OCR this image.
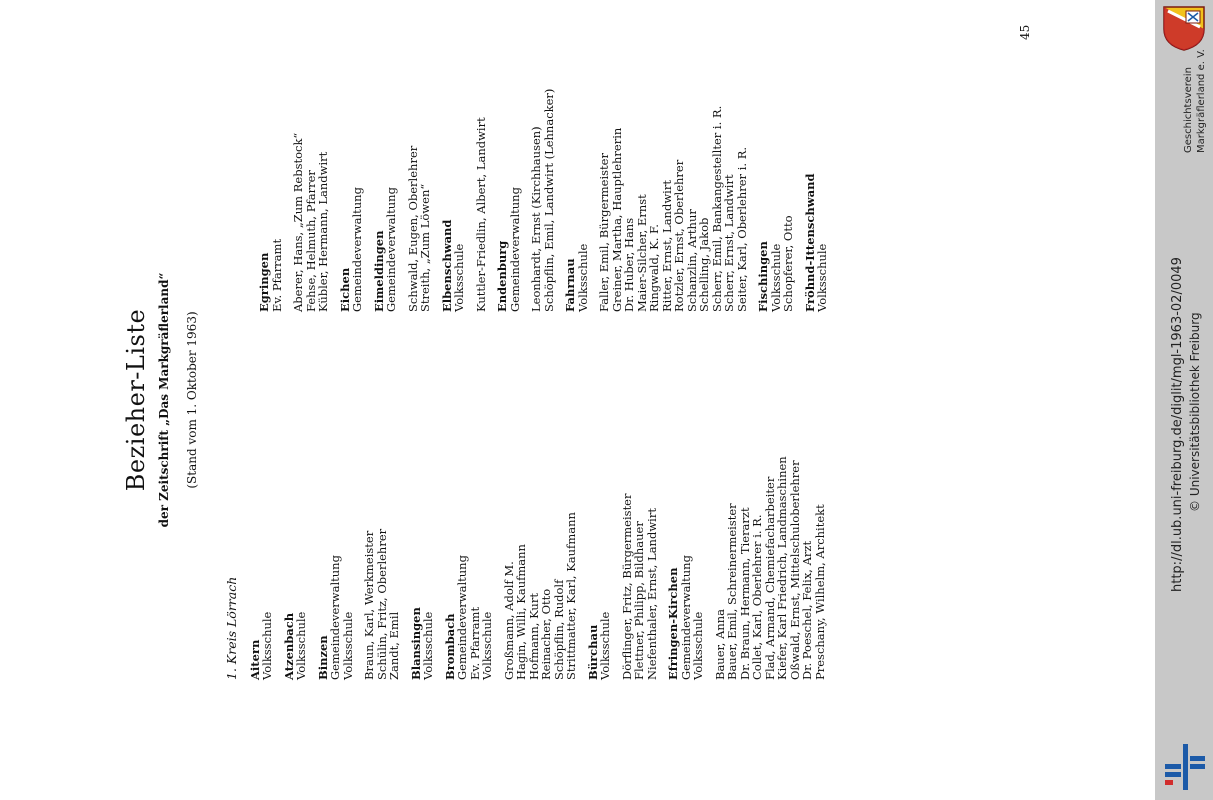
Bezieher-Liste der Zeitschrift „Das Markgräflerland“ (Stand vom 1. Oktober 1963)
1. Kreis Lörrach Aitern
Volksschule Atzenbach
Volksschule Binzen
Gemeindeverwaltung
Volksschule Braun, Karl, Werkmeister
Schülin, Fritz, Oberlehrer
Zandt, Emil Blansingen
Volksschule Brombach
Gemeindeverwaltung
Ev. Pfarramt
Volksschule Großmann, Adolf M.
Hagin, Willi, Kaufmann
Hofmann, Kurt
Reinacher, Otto
Schöpflin, Rudolf
Strittmatter, Karl, Kaufmann Bürchau
Volksschule Dörflinger, Fritz, Bürgermeister
Flettner, Philipp, Bildhauer
Niefenthaler, Ernst, Landwirt Efringen-Kirchen
Gemeindeverwaltung
Volksschule Bauer, Anna
Bauer, Emil, Schreinermeister
Dr. Braun, Hermann, Tierarzt
Collet, Karl, Oberlehrer i. R.
Flad, Armand, Chemiefacharbeiter
Kiefer, Karl Friedrich, Landmaschinen
Oßwald, Ernst, Mittelschuloberlehrer
Dr. Poeschel, Felix, Arzt
Preschany, Wilhelm, Architekt
Egringen
Ev. Pfarramt Aberer, Hans, „Zum Rebstock“
Fehse, Helmuth, Pfarrer
Kübler, Hermann, Landwirt Eichen
Gemeindeverwaltung Eimeldingen
Gemeindeverwaltung Schwald, Eugen, Oberlehrer
Streith, „Zum Löwen“ Elbenschwand
Volksschule Kuttler-Friedlin, Albert, Landwirt Endenburg
Gemeindeverwaltung Leonhardt, Ernst (Kirchhausen)
Schöpflin, Emil, Landwirt (Lehnacker) Fahrnau
Volksschule Faller, Emil, Bürgermeister
Greiner, Martha, Hauptlehrerin
Dr. Huber, Hans
Maier-Silcher, Ernst
Ringwald, K. F.
Ritter, Ernst, Landwirt
Rotzler, Ernst, Oberlehrer
Schanzlin, Arthur
Schelling, Jakob
Scherr, Emil, Bankangestellter i. R.
Scherr, Ernst, Landwirt
Seiter, Karl, Oberlehrer i. R. Fischingen
Volksschule
Schopferer, Otto Fröhnd-Ittenschwand
Volksschule
45
Geschichtsverein Markgräflerland e. V.
http://dl.ub.uni-freiburg.de/diglit/mgl-1963-02/0049 © Universitätsbibliothek Freiburg
